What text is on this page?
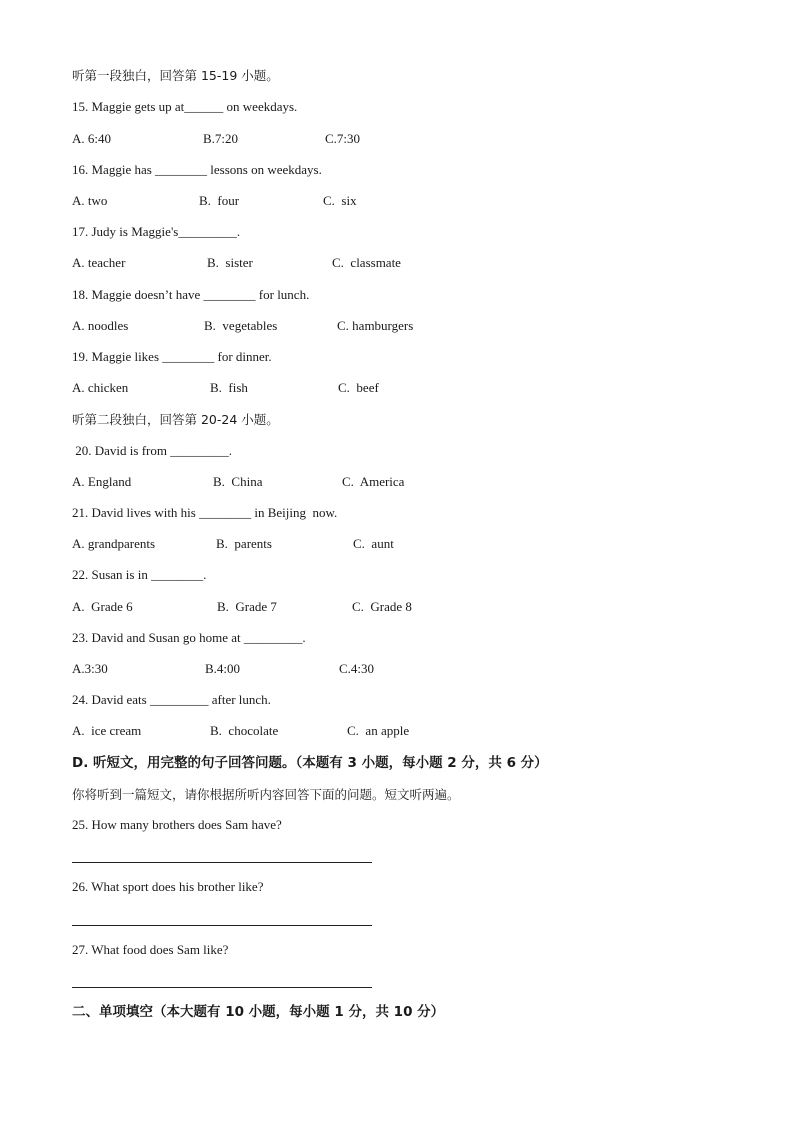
听第一段独白，回答第 15-19 小题。
15. Maggie gets up at______ on weekdays.
A. 6:40	B.7:20	C.7:30
16. Maggie has ________ lessons on weekdays.
A. two	B.  four	C.  six
17. Judy is Maggie's_________.
A. teacher	B.  sister	C.  classmate
18. Maggie doesn’t have ________ for lunch.
A. noodles	B.  vegetables	C. hamburgers
19. Maggie likes ________ for dinner.
A. chicken	B.  fish	C.  beef
听第二段独白，回答第 20-24 小题。
20. David is from _________.
A. England	B.  China	C.  America
21. David lives with his ________ in Beijing  now.
A. grandparents	B.  parents	C.  aunt
22. Susan is in ________.
A.  Grade 6	B.  Grade 7	C.  Grade 8
23. David and Susan go home at _________.
A.3:30	B.4:00	C.4:30
24. David eats _________ after lunch.
A.  ice cream	B.  chocolate	C.  an apple
D. 听短文，用完整的句子回答问题。（本题有 3 小题，每小题 2 分，共 6 分）
你将听到一篇短文，请你根据所听内容回答下面的问题。短文听两遍。
25. How many brothers does Sam have?
26. What sport does his brother like?
27. What food does Sam like?
二、单项填空（本大题有 10 小题，每小题 1 分，共 10 分）
